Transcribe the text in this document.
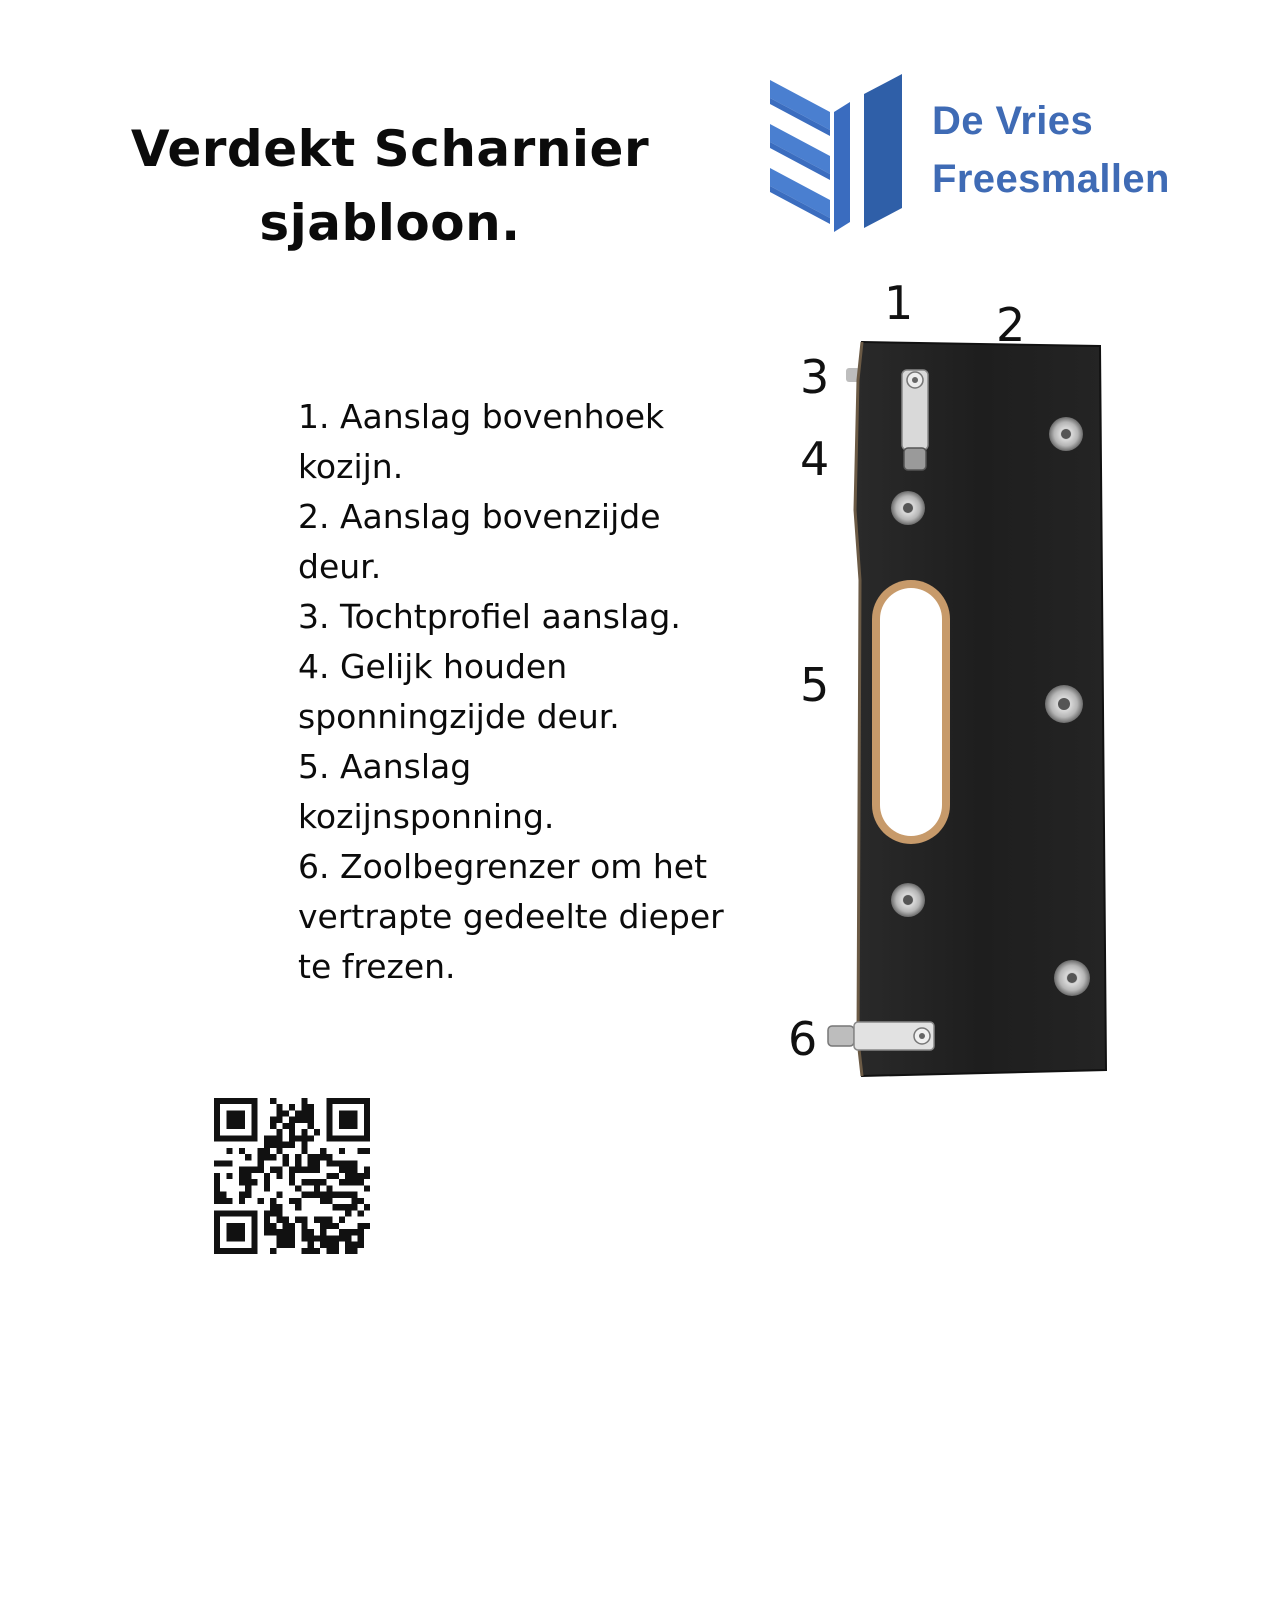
Verdekt Scharnier
sjabloon.
De Vries
Freesmallen
1. Aanslag bovenhoek kozijn.
2. Aanslag bovenzijde deur.
3. Tochtprofiel aanslag.
4. Gelijk houden sponningzijde deur.
5. Aanslag kozijnsponning.
6. Zoolbegrenzer om het vertrapte gedeelte dieper te frezen.
1 2
3
4
5
6
